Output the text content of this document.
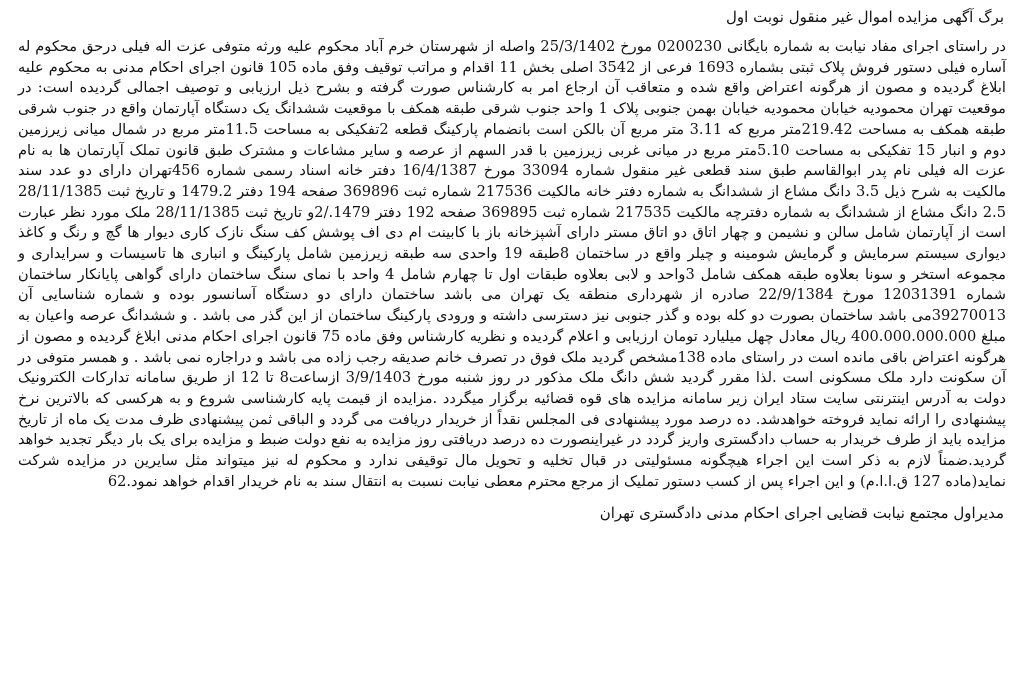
برگ آگهی مزایده اموال غیر منقول نوبت اول

در راستای اجرای مفاد نیابت به شماره بایگانی 0200230 مورخ 25/3/1402 واصله از شهرستان خرم آباد محکوم علیه ورثه متوفی عزت اله فیلی درحق محکوم له آساره فیلی دستور فروش پلاک ثبتی بشماره 1693 فرعی از 3542 اصلی بخش 11 اقدام و مراتب توقیف وفق ماده 105 قانون اجرای احکام مدنی به محکوم علیه ابلاغ گردیده و مصون از هرگونه اعتراض واقع شده و متعاقب آن ارجاع امر به کارشناس صورت گرفته و بشرح ذیل ارزیابی و توصیف اجمالی گردیده است: در موقعیت تهران محمودیه خیابان محمودیه خیابان بهمن جنوبی پلاک 1 واحد جنوب شرقی طبقه همکف با موقعیت ششدانگ یک دستگاه آپارتمان واقع در جنوب شرقی طبقه همکف به مساحت 219.42متر مربع که 3.11 متر مربع آن بالکن است بانضمام پارکینگ قطعه 2تفکیکی به مساحت 11.5متر مربع در شمال میانی زیرزمین دوم و انبار 15 تفکیکی به مساحت 5.10متر مربع در میانی غربی زیرزمین با قدر السهم از عرصه و سایر مشاعات و مشترک طبق قانون تملک آپارتمان ها به نام عزت اله فیلی نام پدر ابوالقاسم طبق سند قطعی غیر منقول شماره 33094 مورخ 16/4/1387 دفتر خانه اسناد رسمی شماره 456تهران دارای دو عدد سند مالکیت به شرح ذیل 3.5 دانگ مشاع از ششدانگ به شماره دفتر خانه مالکیت 217536 شماره ثبت 369896 صفحه 194 دفتر 1479.2 و تاریخ ثبت 28/11/1385 2.5 دانگ مشاع از ششدانگ به شماره دفترچه مالکیت 217535 شماره ثبت 369895 صفحه 192 دفتر 1479./2و تاریخ ثبت 28/11/1385 ملک مورد نظر عبارت است از آپارتمان شامل سالن و نشیمن و چهار اتاق دو اتاق مستر دارای آشپزخانه باز با کابینت ام دی اف پوشش کف سنگ نازک کاری دیوار ها گچ و رنگ و کاغذ دیواری سیستم سرمایش و گرمایش شومینه و چیلر واقع در ساختمان 8طبقه 19 واحدی سه طبقه زیرزمین شامل پارکینگ و انباری ها تاسیسات و سرایداری و مجموعه استخر و سونا بعلاوه طبقه همکف شامل 3واحد و لابی بعلاوه طبقات اول تا چهارم شامل 4 واحد با نمای سنگ ساختمان دارای گواهی پایانکار ساختمان شماره 12031391 مورخ 22/9/1384 صادره از شهرداری منطقه یک تهران می باشد ساختمان دارای دو دستگاه آسانسور بوده و شماره شناسایی آن 39270013می باشد ساختمان بصورت دو کله بوده و گذر جنوبی نیز دسترسی داشته و ورودی پارکینگ ساختمان از این گذر می باشد . و ششدانگ عرصه واعیان به مبلغ 400.000.000.000 ریال معادل چهل میلیارد تومان ارزیابی و اعلام گردیده و نظریه کارشناس وفق ماده 75 قانون اجرای احکام مدنی ابلاغ گردیده و مصون از هرگونه اعتراض باقی مانده است در راستای ماده 138مشخص گردید ملک فوق در تصرف خانم صدیقه رجب زاده می باشد و دراجاره نمی باشد . و همسر متوفی در آن سکونت دارد ملک مسکونی است .لذا مقرر گردید شش دانگ ملک مذکور در روز شنبه مورخ 3/9/1403 ازساعت8 تا 12 از طریق سامانه تدارکات الکترونیک دولت به آدرس اینترنتی سایت ستاد ایران زیر سامانه مزایده های قوه قضائیه برگزار میگردد .مزایده از قیمت پایه کارشناسی شروع و به هرکسی که بالاترین نرخ پیشنهادی را ارائه نماید فروخته خواهدشد. ده درصد مورد پیشنهادی فی المجلس نقداً از خریدار دریافت می گردد و الباقی ثمن پیشنهادی ظرف مدت یک ماه از تاریخ مزایده باید از طرف خریدار به حساب دادگستری واریز گردد در غیراینصورت ده درصد دریافتی روز مزایده به نفع دولت ضبط و مزایده برای یک بار دیگر تجدید خواهد گردید.ضمناً لازم به ذکر است این اجراء هیچگونه مسئولیتی در قبال تخلیه و تحویل مال توقیفی ندارد و محکوم له نیز میتواند مثل سایرین در مزایده شرکت نماید(ماده 127 ق.ا.ا.م) و این اجراء پس از کسب دستور تملیک از مرجع محترم معطی نیابت نسبت به انتقال سند به نام خریدار اقدام خواهد نمود.62

مدیراول مجتمع نیابت قضایی اجرای احکام مدنی دادگستری تهران
